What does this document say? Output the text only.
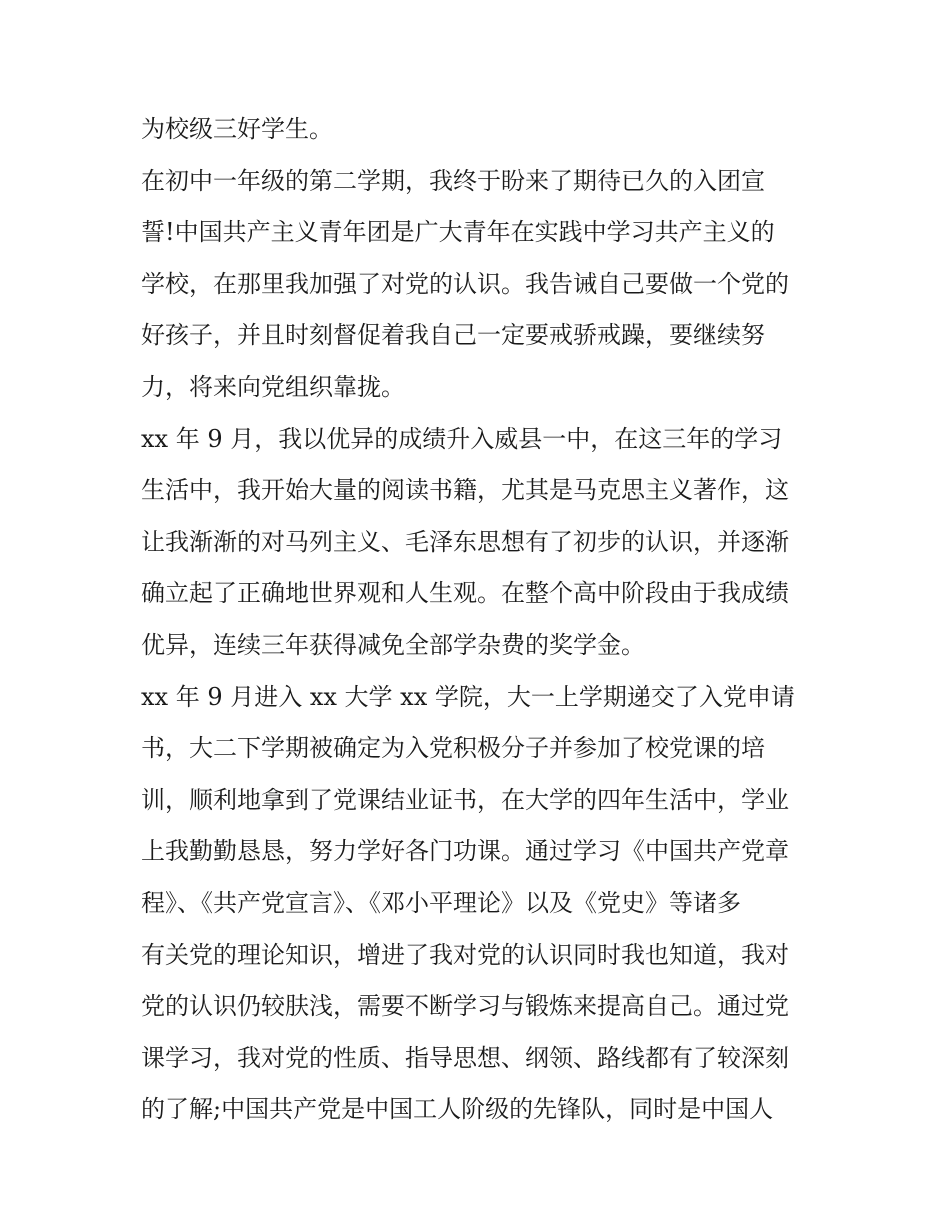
为校级三好学生。
在初中一年级的第二学期，我终于盼来了期待已久的入团宣
誓!中国共产主义青年团是广大青年在实践中学习共产主义的
学校，在那里我加强了对党的认识。我告诫自己要做一个党的
好孩子，并且时刻督促着我自己一定要戒骄戒躁，要继续努
力，将来向党组织靠拢。
xx 年 9 月，我以优异的成绩升入威县一中，在这三年的学习
生活中，我开始大量的阅读书籍，尤其是马克思主义著作，这
让我渐渐的对马列主义、毛泽东思想有了初步的认识，并逐渐
确立起了正确地世界观和人生观。在整个高中阶段由于我成绩
优异，连续三年获得减免全部学杂费的奖学金。
xx 年 9 月进入 xx 大学 xx 学院，大一上学期递交了入党申请
书，大二下学期被确定为入党积极分子并参加了校党课的培
训，顺利地拿到了党课结业证书，在大学的四年生活中，学业
上我勤勤恳恳，努力学好各门功课。通过学习《中国共产党章
程》、《共产党宣言》、《邓小平理论》以及《党史》等诸多
有关党的理论知识，增进了我对党的认识同时我也知道，我对
党的认识仍较肤浅，需要不断学习与锻炼来提高自己。通过党
课学习，我对党的性质、指导思想、纲领、路线都有了较深刻
的了解;中国共产党是中国工人阶级的先锋队，同时是中国人
